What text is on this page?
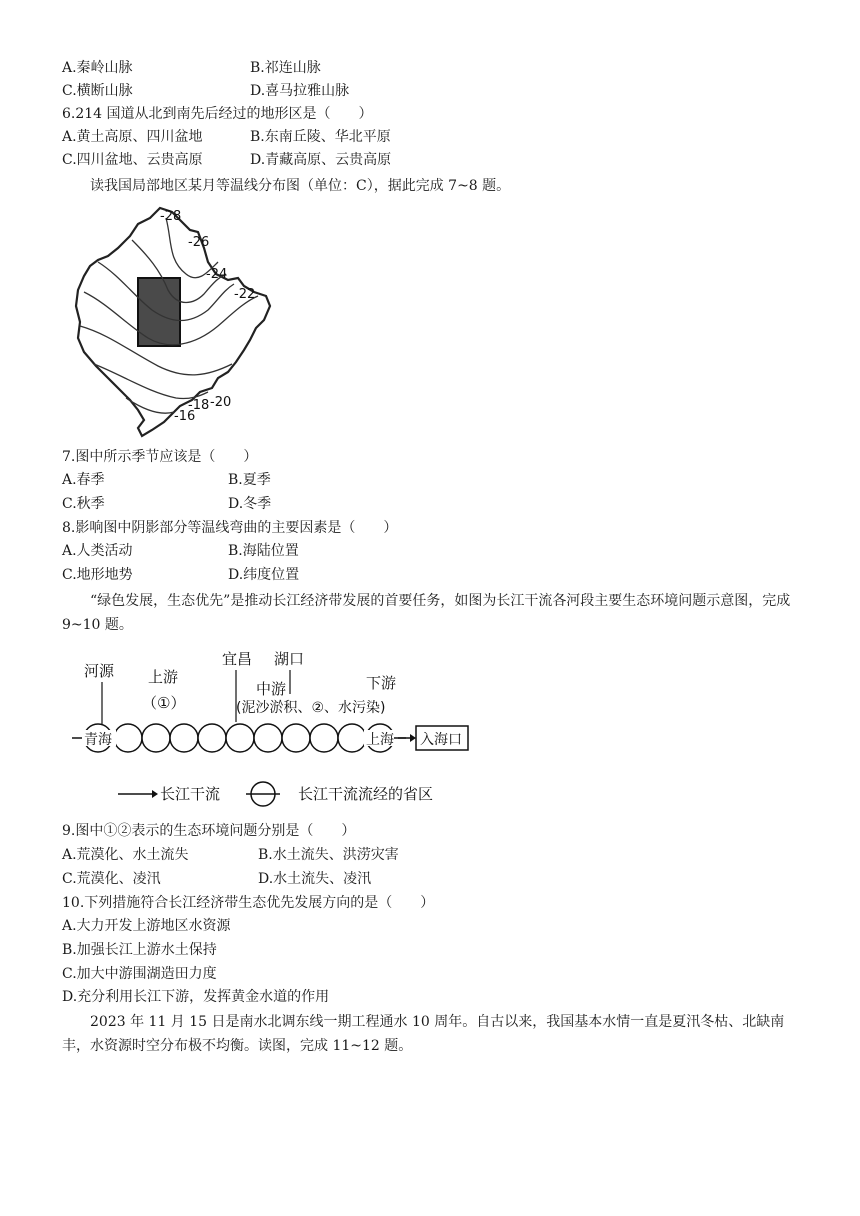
A.秦岭山脉	B.祁连山脉
C.横断山脉	D.喜马拉雅山脉
6.214 国道从北到南先后经过的地形区是（　　）
A.黄土高原、四川盆地	B.东南丘陵、华北平原
C.四川盆地、云贵高原	D.青藏高原、云贵高原
读我国局部地区某月等温线分布图（单位：C），据此完成 7~8 题。
-28
-26
-24
-22
-20
-18
-16
7.图中所示季节应该是（　　）
A.春季	B.夏季
C.秋季	D.冬季
8.影响图中阴影部分等温线弯曲的主要因素是（　　）
A.人类活动	B.海陆位置
C.地形地势	D.纬度位置
“绿色发展，生态优先”是推动长江经济带发展的首要任务，如图为长江干流各河段主要生态环境问题示意图，完成 9~10 题。
河源 上游
（①）
宜昌 湖口
中游
(泥沙淤积、②、水污染)
下游
青海	上海 入海口
长江干流	长江干流流经的省区
9.图中①②表示的生态环境问题分别是（　　）
A.荒漠化、水土流失	B.水土流失、洪涝灾害
C.荒漠化、凌汛	D.水土流失、凌汛
10.下列措施符合长江经济带生态优先发展方向的是（　　）
A.大力开发上游地区水资源
B.加强长江上游水土保持
C.加大中游围湖造田力度
D.充分利用长江下游，发挥黄金水道的作用
2023 年 11 月 15 日是南水北调东线一期工程通水 10 周年。自古以来，我国基本水情一直是夏汛冬枯、北缺南丰，水资源时空分布极不均衡。读图，完成 11~12 题。
